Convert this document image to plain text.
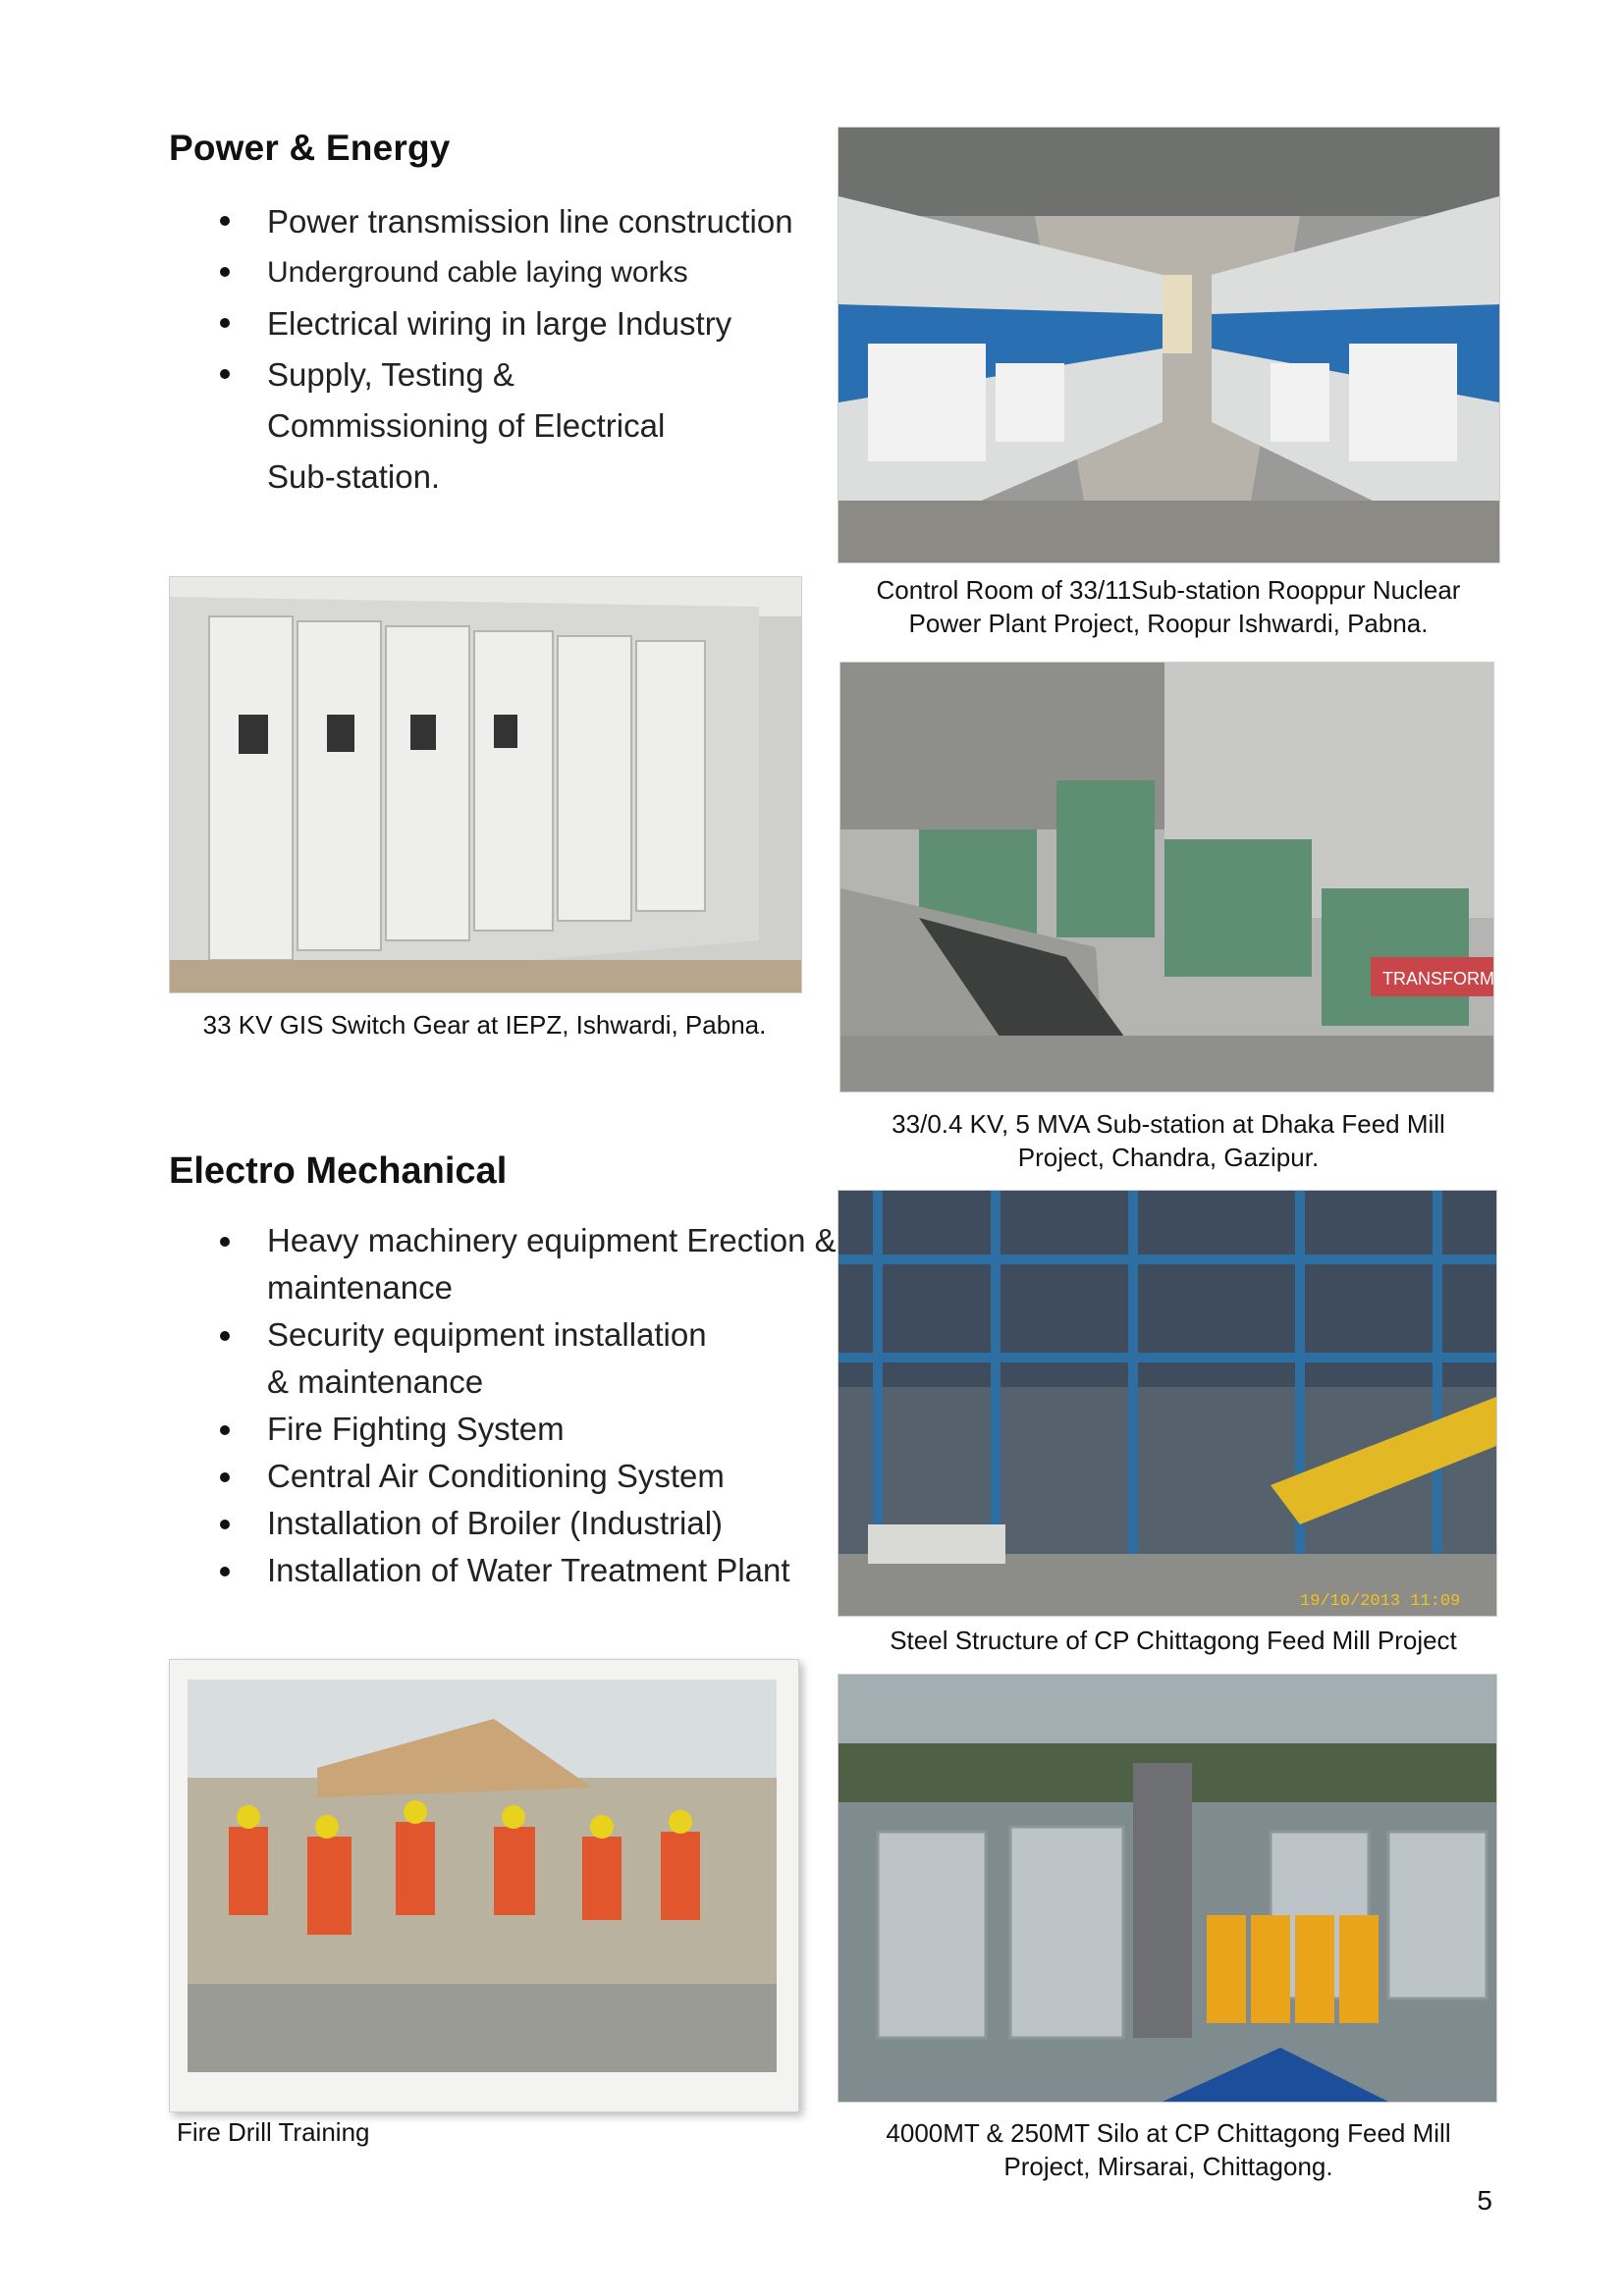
Power & Energy
Power transmission line construction
Underground cable laying works
Electrical wiring in large Industry
Supply, Testing & Commissioning of Electrical Sub-station.
Control Room of 33/11Sub-station Rooppur Nuclear Power Plant Project, Roopur Ishwardi, Pabna.
33 KV GIS Switch Gear at IEPZ, Ishwardi, Pabna.
TRANSFORMER
33/0.4 KV, 5 MVA Sub-station at Dhaka Feed Mill Project, Chandra, Gazipur.
Electro Mechanical
Heavy machinery equipment Erection & maintenance
Security equipment installation & maintenance
Fire Fighting System
Central Air Conditioning System
Installation of Broiler (Industrial)
Installation of Water Treatment Plant
19/10/2013 11:09
Steel Structure of CP Chittagong Feed Mill Project
Fire Drill Training	4000MT & 250MT Silo at CP Chittagong Feed Mill Project, Mirsarai, Chittagong.
5
